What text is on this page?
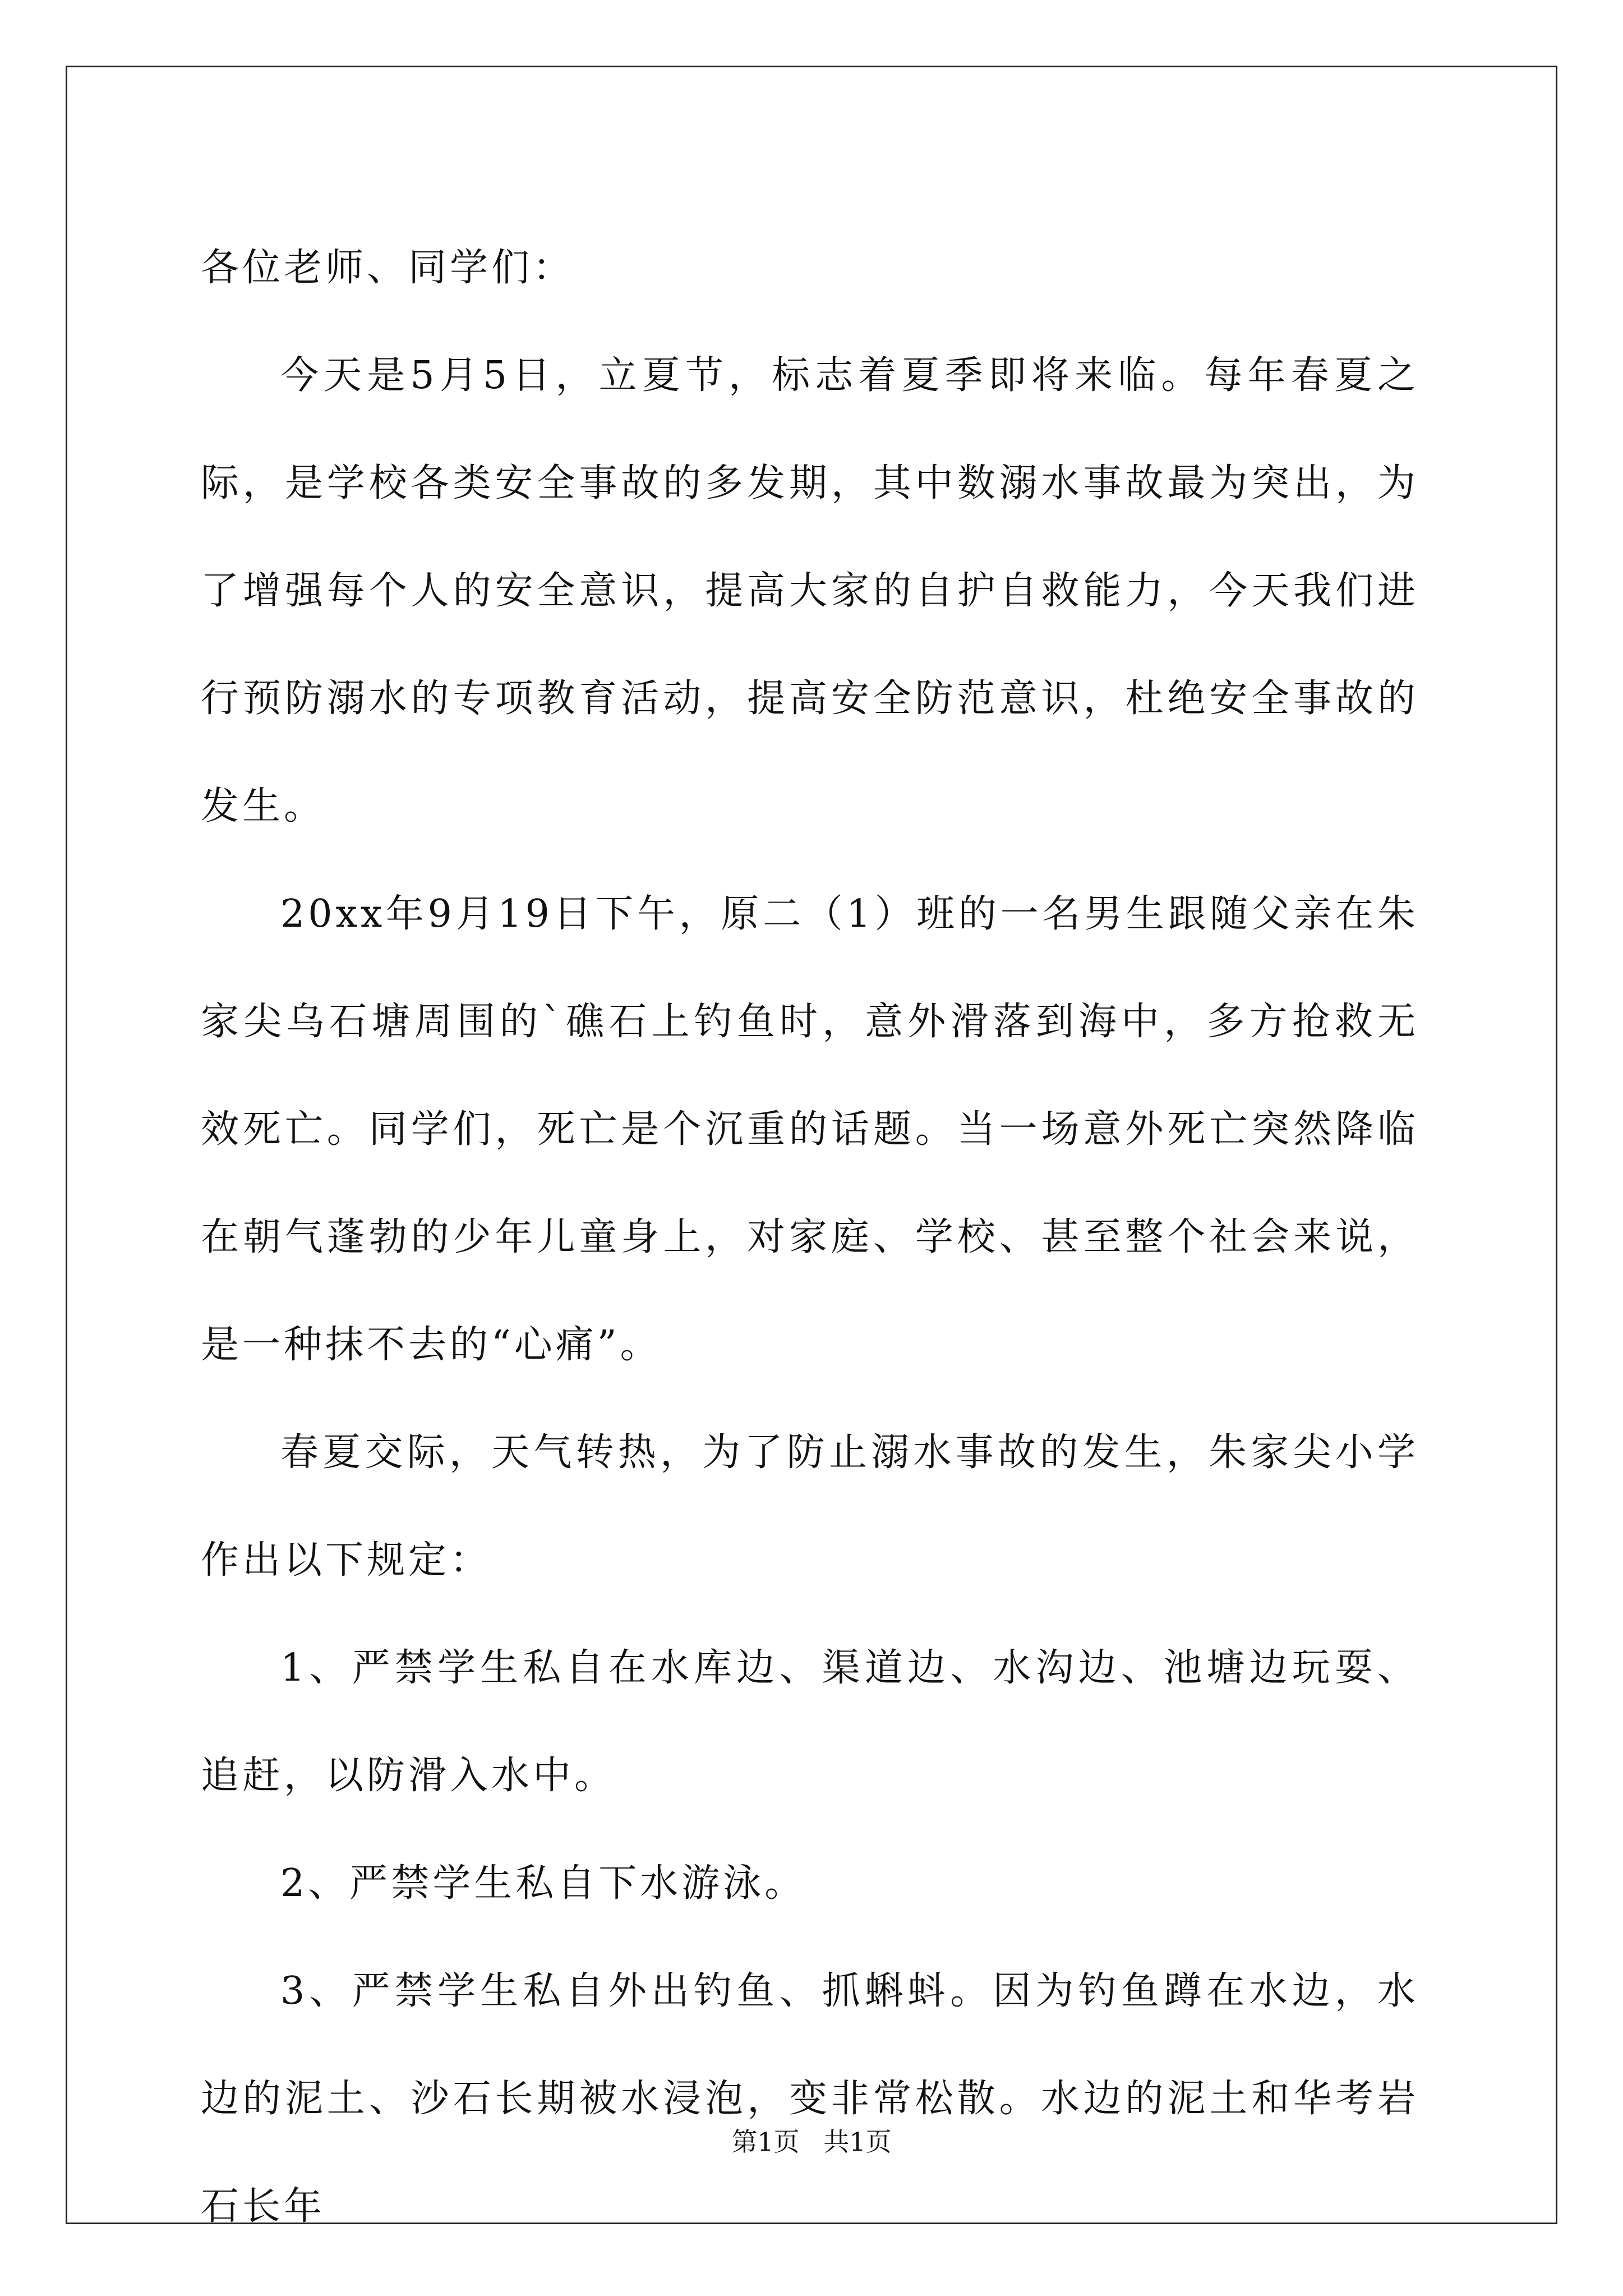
各位老师、同学们：

今天是5月5日，立夏节，标志着夏季即将来临。每年春夏之际，是学校各类安全事故的多发期，其中数溺水事故最为突出，为了增强每个人的安全意识，提高大家的自护自救能力，今天我们进行预防溺水的专项教育活动，提高安全防范意识，杜绝安全事故的发生。

20xx年9月19日下午，原二（1）班的一名男生跟随父亲在朱家尖乌石塘周围的`礁石上钓鱼时，意外滑落到海中，多方抢救无效死亡。同学们，死亡是个沉重的话题。当一场意外死亡突然降临在朝气蓬勃的少年儿童身上，对家庭、学校、甚至整个社会来说，是一种抹不去的“心痛”。

春夏交际，天气转热，为了防止溺水事故的发生，朱家尖小学作出以下规定：

1、严禁学生私自在水库边、渠道边、水沟边、池塘边玩耍、追赶，以防滑入水中。

2、严禁学生私自下水游泳。

3、严禁学生私自外出钓鱼、抓蝌蚪。因为钓鱼蹲在水边，水边的泥土、沙石长期被水浸泡，变非常松散。水边的泥土和华考岩石长年

第1页 共1页
